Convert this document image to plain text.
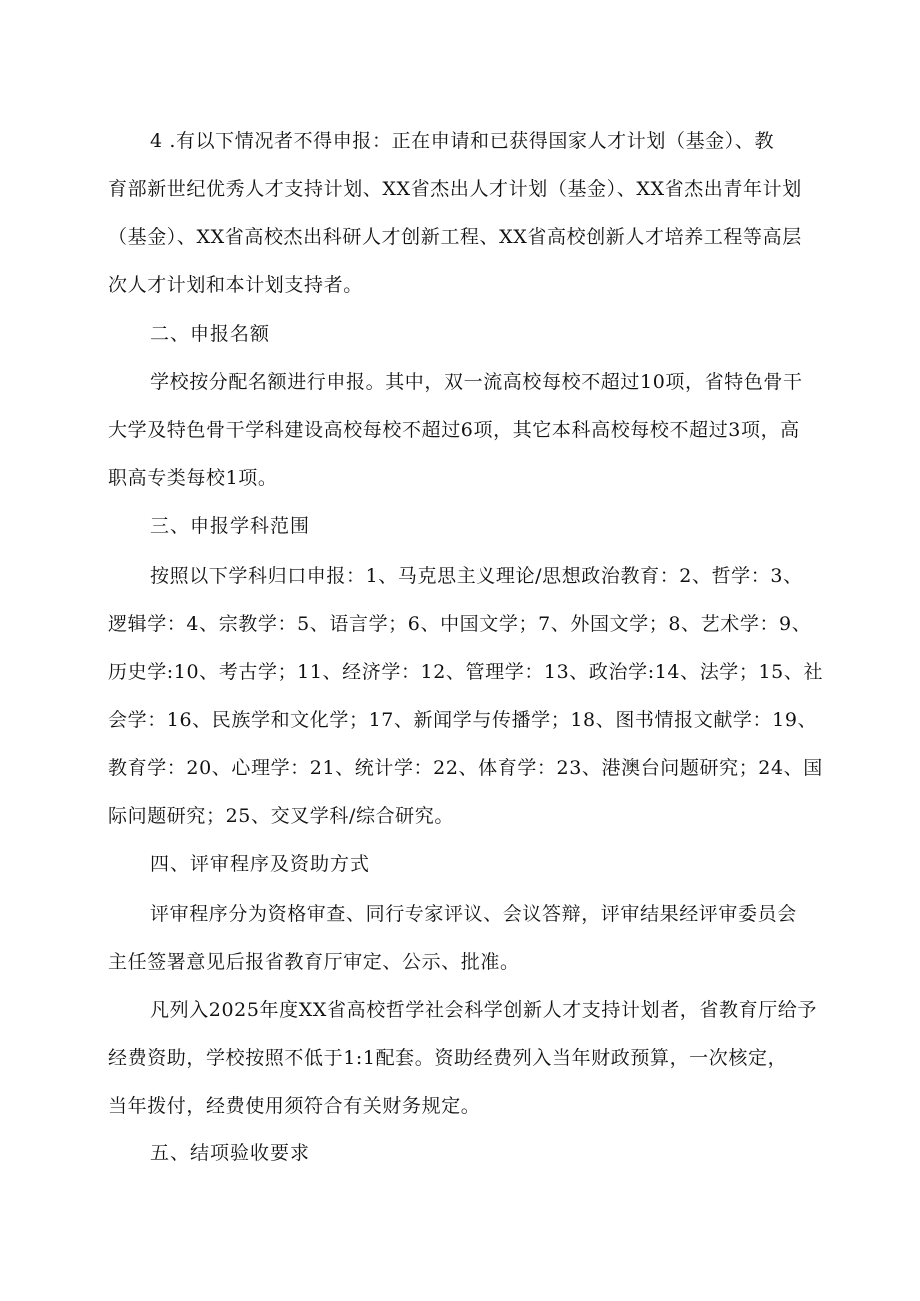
4 .有以下情况者不得申报：正在申请和已获得国家人才计划（基金）、教
育部新世纪优秀人才支持计划、XX省杰出人才计划（基金）、XX省杰出青年计划
（基金）、XX省高校杰出科研人才创新工程、XX省高校创新人才培养工程等高层
次人才计划和本计划支持者。
二、申报名额
学校按分配名额进行申报。其中，双一流高校每校不超过10项，省特色骨干
大学及特色骨干学科建设高校每校不超过6项，其它本科高校每校不超过3项，高
职高专类每校1项。
三、申报学科范围
按照以下学科归口申报：1、马克思主义理论/思想政治教育：2、哲学：3、
逻辑学：4、宗教学：5、语言学；6、中国文学；7、外国文学；8、艺术学：9、
历史学:10、考古学；11、经济学：12、管理学：13、政治学:14、法学；15、社
会学：16、民族学和文化学；17、新闻学与传播学；18、图书情报文献学：19、
教育学：20、心理学：21、统计学：22、体育学：23、港澳台问题研究；24、国
际问题研究；25、交叉学科/综合研究。
四、评审程序及资助方式
评审程序分为资格审查、同行专家评议、会议答辩，评审结果经评审委员会
主任签署意见后报省教育厅审定、公示、批准。
凡列入2025年度XX省高校哲学社会科学创新人才支持计划者，省教育厅给予
经费资助，学校按照不低于1:1配套。资助经费列入当年财政预算，一次核定，
当年拨付，经费使用须符合有关财务规定。
五、结项验收要求
